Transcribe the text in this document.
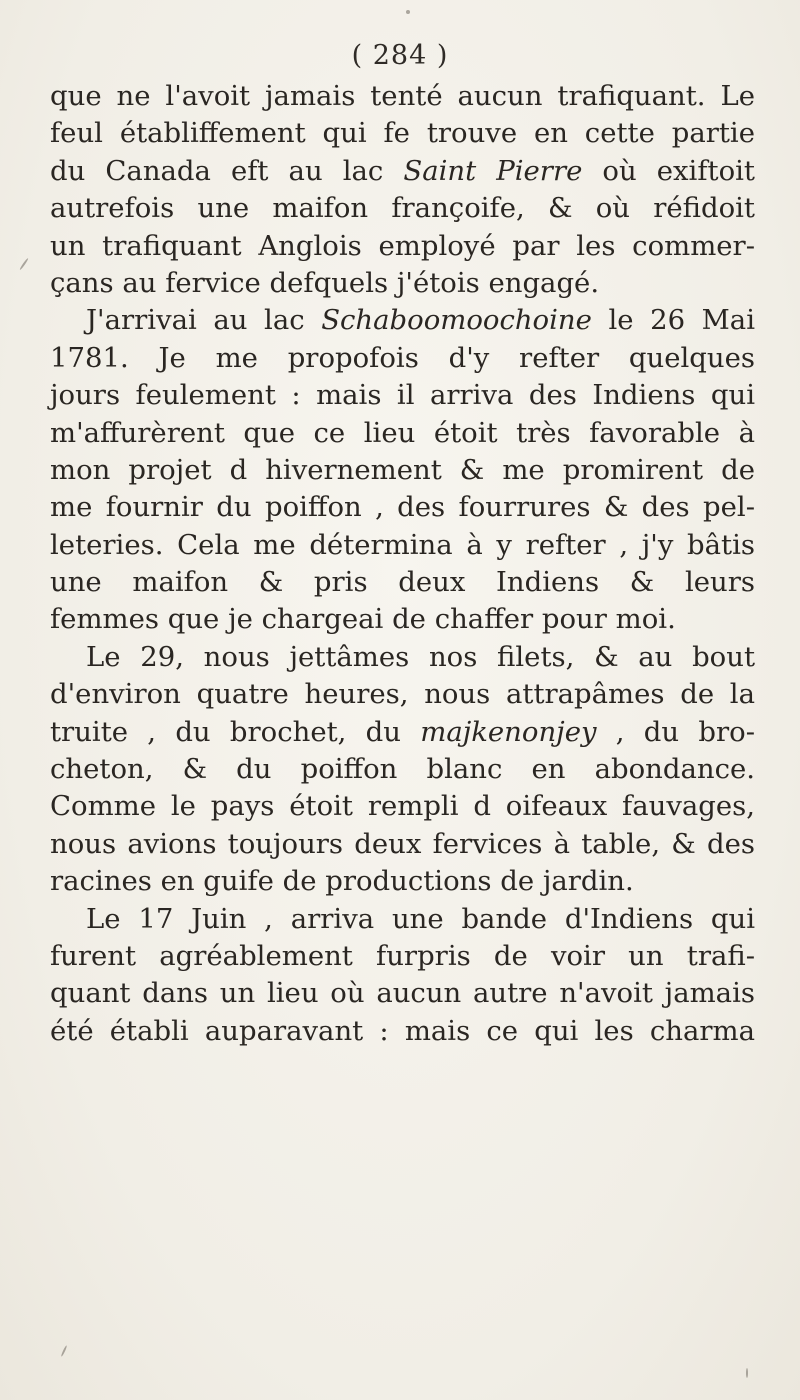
( 284 )
que ne l'avoit jamais tenté aucun trafiquant. Le
feul établiffement qui fe trouve en cette partie
du Canada eft au lac Saint Pierre où exiftoit
autrefois une maifon françoife, & où réfidoit
un trafiquant Anglois employé par les commer-
çans au fervice defquels j'étois engagé.
J'arrivai au lac Schaboomoochoine le 26 Mai
1781. Je me propofois d'y refter quelques
jours feulement : mais il arriva des Indiens qui
m'affurèrent que ce lieu étoit très favorable à
mon projet d hivernement & me promirent de
me fournir du poiffon , des fourrures & des pel-
leteries. Cela me détermina à y refter , j'y bâtis
une maifon & pris deux Indiens & leurs
femmes que je chargeai de chaffer pour moi.
Le 29, nous jettâmes nos filets, & au bout
d'environ quatre heures, nous attrapâmes de la
truite , du brochet, du majkenonjey , du bro-
cheton, & du poiffon blanc en abondance.
Comme le pays étoit rempli d oifeaux fauvages,
nous avions toujours deux fervices à table, & des
racines en guife de productions de jardin.
Le 17 Juin , arriva une bande d'Indiens qui
furent agréablement furpris de voir un trafi-
quant dans un lieu où aucun autre n'avoit jamais
été établi auparavant : mais ce qui les charma
